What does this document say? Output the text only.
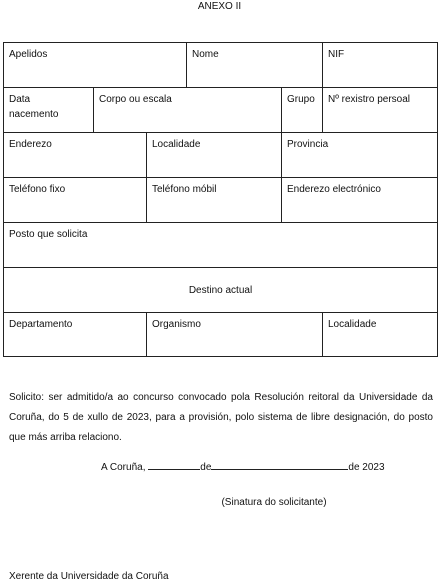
ANEXO II
Apelidos			Nome		NIF
Data
nacemento	Corpo ou escala			Grupo	Nº rexistro persoal
Enderezo		Localidade		Provincia	
Teléfono fixo		Teléfono móbil		Enderezo electrónico	
Posto que solicita					
Destino actual					
Departamento		Organismo			Localidade
Solicito: ser admitido/a ao concurso convocado pola Resolución reitoral da Universidade da Coruña, do 5 de xullo de 2023, para a provisión, polo sistema de libre designación, do posto que más arriba relaciono.
A Coruña,	de	de 2023
(Sinatura do solicitante)
Xerente da Universidade da Coruña
